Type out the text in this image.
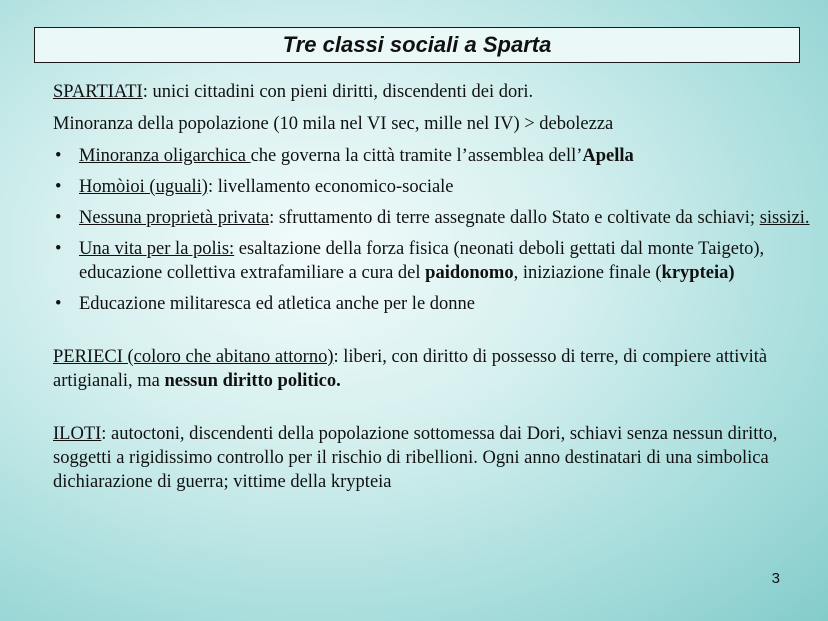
Tre classi sociali a Sparta

SPARTIATI: unici cittadini con pieni diritti, discendenti dei dori.

Minoranza della popolazione (10 mila nel VI sec, mille nel IV) > debolezza

• Minoranza oligarchica che governa la città tramite l’assemblea dell’Apella
• Homòioi (uguali): livellamento economico-sociale
• Nessuna proprietà privata: sfruttamento di terre assegnate dallo Stato e coltivate da schiavi; sissizi.
• Una vita per la polis: esaltazione della forza fisica (neonati deboli gettati dal monte Taigeto), educazione collettiva extrafamiliare a cura del paidonomo, iniziazione finale (krypteia)
• Educazione militaresca ed atletica anche per le donne

PERIECI (coloro che abitano attorno): liberi, con diritto di possesso di terre, di compiere attività artigianali, ma nessun diritto politico.

ILOTI: autoctoni, discendenti della popolazione sottomessa dai Dori, schiavi senza nessun diritto, soggetti a rigidissimo controllo per il rischio di ribellioni. Ogni anno destinatari di una simbolica dichiarazione di guerra; vittime della krypteia

3
